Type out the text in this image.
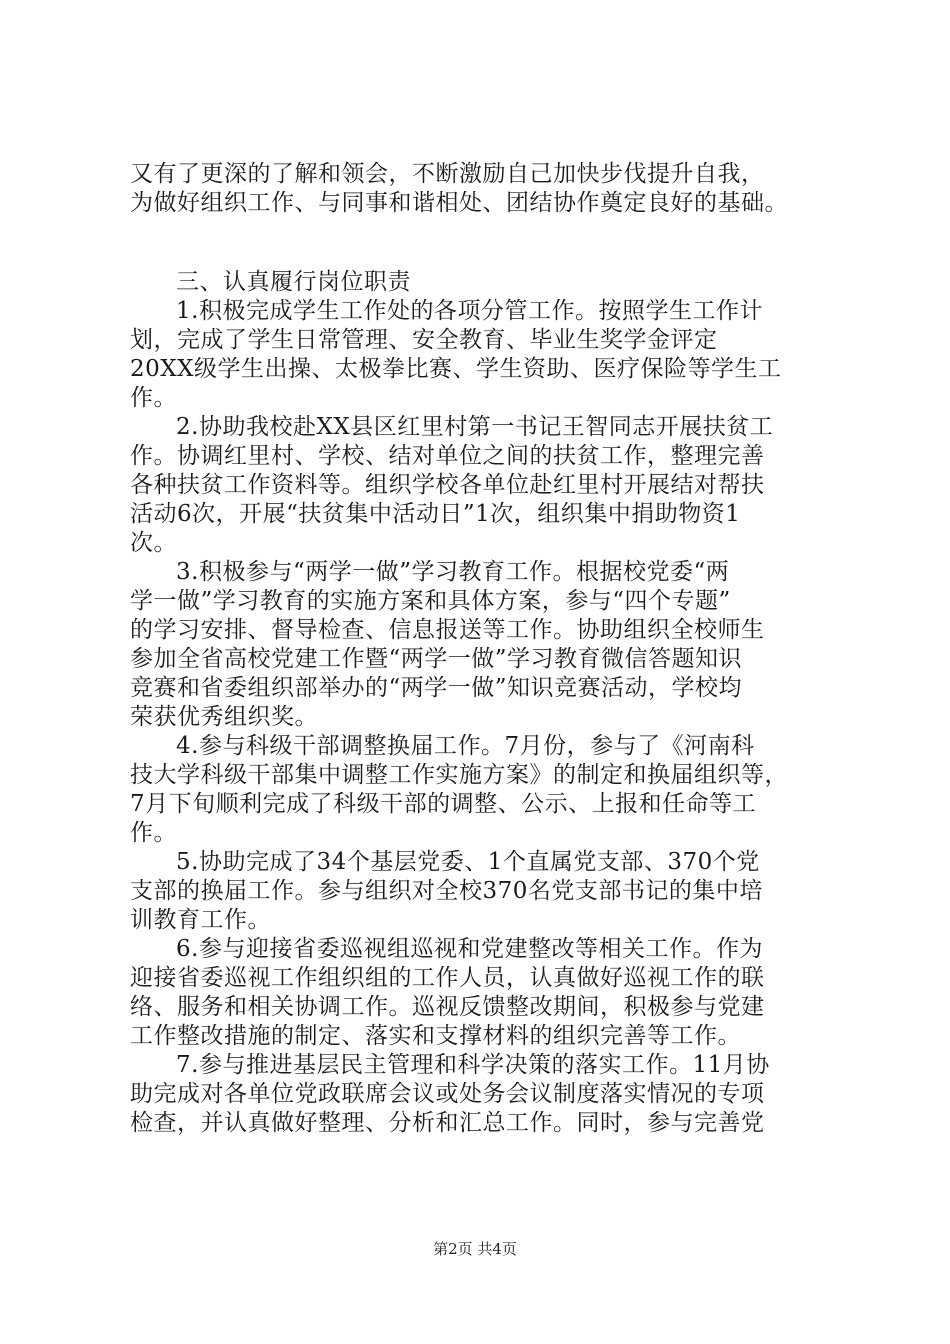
又有了更深的了解和领会，不断激励自己加快步伐提升自我，
为做好组织工作、与同事和谐相处、团结协作奠定良好的基础。
三、认真履行岗位职责
1.积极完成学生工作处的各项分管工作。按照学生工作计
划，完成了学生日常管理、安全教育、毕业生奖学金评定
20XX级学生出操、太极拳比赛、学生资助、医疗保险等学生工
作。
2.协助我校赴XX县区红里村第一书记王智同志开展扶贫工
作。协调红里村、学校、结对单位之间的扶贫工作，整理完善
各种扶贫工作资料等。组织学校各单位赴红里村开展结对帮扶
活动6次，开展“扶贫集中活动日”1次，组织集中捐助物资1
次。
3.积极参与“两学一做”学习教育工作。根据校党委“两
学一做”学习教育的实施方案和具体方案，参与“四个专题”
的学习安排、督导检查、信息报送等工作。协助组织全校师生
参加全省高校党建工作暨“两学一做”学习教育微信答题知识
竞赛和省委组织部举办的“两学一做”知识竞赛活动，学校均
荣获优秀组织奖。
4.参与科级干部调整换届工作。7月份，参与了《河南科
技大学科级干部集中调整工作实施方案》的制定和换届组织等，
7月下旬顺利完成了科级干部的调整、公示、上报和任命等工
作。
5.协助完成了34个基层党委、1个直属党支部、370个党
支部的换届工作。参与组织对全校370名党支部书记的集中培
训教育工作。
6.参与迎接省委巡视组巡视和党建整改等相关工作。作为
迎接省委巡视工作组织组的工作人员，认真做好巡视工作的联
络、服务和相关协调工作。巡视反馈整改期间，积极参与党建
工作整改措施的制定、落实和支撑材料的组织完善等工作。
7.参与推进基层民主管理和科学决策的落实工作。11月协
助完成对各单位党政联席会议或处务会议制度落实情况的专项
检查，并认真做好整理、分析和汇总工作。同时，参与完善党
第2页 共4页
